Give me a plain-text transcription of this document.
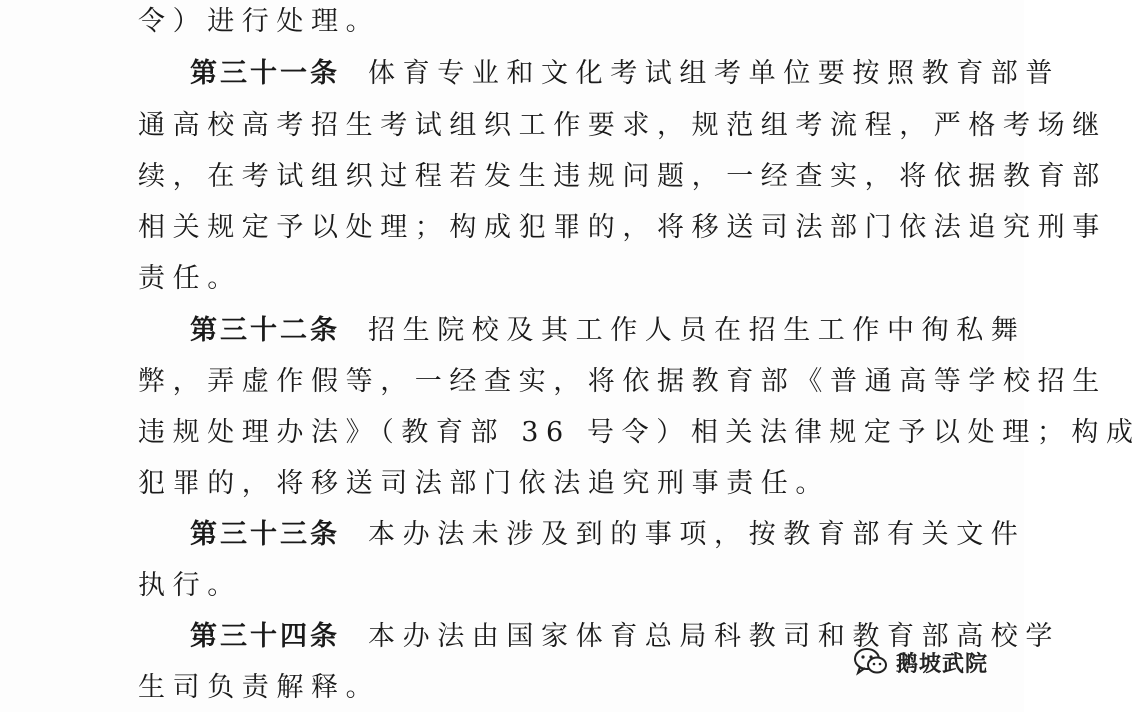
令）进行处理。
第三十一条 体育专业和文化考试组考单位要按照教育部普
通高校高考招生考试组织工作要求，规范组考流程，严格考场继
续，在考试组织过程若发生违规问题，一经查实，将依据教育部
相关规定予以处理；构成犯罪的，将移送司法部门依法追究刑事
责任。
第三十二条 招生院校及其工作人员在招生工作中徇私舞
弊，弄虚作假等，一经查实，将依据教育部《普通高等学校招生
违规处理办法》（教育部 36 号令）相关法律规定予以处理；构成
犯罪的，将移送司法部门依法追究刑事责任。
第三十三条 本办法未涉及到的事项，按教育部有关文件
执行。
第三十四条 本办法由国家体育总局科教司和教育部高校学
生司负责解释。
鹅坡武院
